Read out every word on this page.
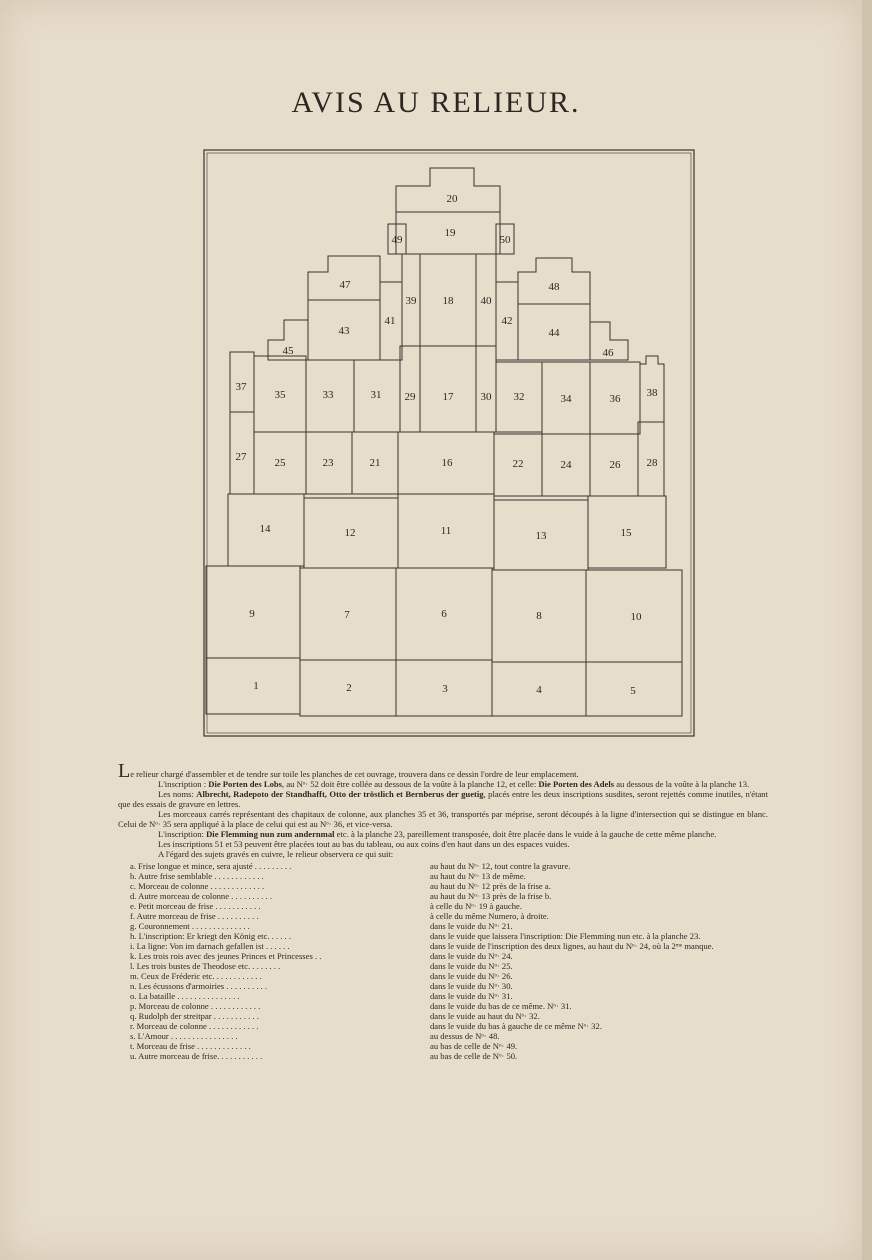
AVIS AU RELIEUR.
20
19
49	50
47
43
45
41
39 18 40
42
48
44
46
37
35	33	31 29 17 30 32	34	36 38
27	25	23	21	16	22	24	26 28
14	12	11	13	15
9	7	6	8	10
1	2	3	4	5

Le relieur chargé d'assembler et de tendre sur toile les planches de cet ouvrage, trouvera dans ce dessin l'ordre de leur emplacement.

L'inscription : Die Porten des Lobs, au Nᵒ· 52 doit être collée au dessous de la voûte à la planche 12, et celle: Die Porten des Adels au dessous de la voûte à la planche 13.

Les noms: Albrecht, Radepoto der Standhafft, Otto der tröstlich et Bernberus der guetig, placés entre les deux inscriptions susdites, seront rejettés comme inutiles, n'étant que des essais de gravure en lettres.

Les morceaux carrés représentant des chapitaux de colonne, aux planches 35 et 36, transportés par méprise, seront découpés à la ligne d'intersection qui se distingue en blanc. Celui de Nᵒ· 35 sera appliqué à la place de celui qui est au Nᵒ· 36, et vice-versa.

L'inscription: Die Flemming nun zum andernmal etc. à la planche 23, pareillement transposée, doit être placée dans le vuide à la gauche de cette même planche.

Les inscriptions 51 et 53 peuvent être placées tout au bas du tableau, ou aux coins d'en haut dans un des espaces vuides.

A l'égard des sujets gravés en cuivre, le relieur observera ce qui suit:

a. Frise longue et mince, sera ajusté . . . . . . . . .	au haut du Nᵒ· 12, tout contre la gravure.
b. Autre frise semblable . . . . . . . . . . . .	au haut du Nᵒ· 13 de même.
c. Morceau de colonne . . . . . . . . . . . . .	au haut du Nᵒ· 12 près de la frise a.
d. Autre morceau de colonne . . . . . . . . . .	au haut du Nᵒ· 13 près de la frise b.
e. Petit morceau de frise . . . . . . . . . . .	à celle du Nᵒ· 19 à gauche.
f. Autre morceau de frise . . . . . . . . . .	à celle du même Numero, à droite.
g. Couronnement . . . . . . . . . . . . . .	dans le vuide du Nᵒ· 21.
h. L'inscription: Er kriegt den König etc. . . . . .	dans le vuide que laissera l'inscription: Die Flemming nun etc. à la planche 23.
i. La ligne: Von im darnach gefallen ist . . . . . .	dans le vuide de l'inscription des deux lignes, au haut du Nᵒ· 24, où la 2ᵐᵉ manque.
k. Les trois rois avec des jeunes Princes et Princesses . .	dans le vuide du Nᵒ· 24.
l. Les trois bustes de Theodose etc. . . . . . . .	dans le vuide du Nᵒ· 25.
m. Ceux de Fréderic etc. . . . . . . . . . . .	dans le vuide du Nᵒ· 26.
n. Les écussons d'armoiries . . . . . . . . . .	dans le vuide du Nᵒ· 30.
o. La bataille . . . . . . . . . . . . . . .	dans le vuide du Nᵒ· 31.
p. Morceau de colonne . . . . . . . . . . . .	dans le vuide du bas de ce même. Nᵒ· 31.
q. Rudolph der streitpar . . . . . . . . . . .	dans le vuide au haut du Nᵒ· 32.
r. Morceau de colonne . . . . . . . . . . . .	dans le vuide du bas à gauche de ce même Nᵒ· 32.
s. L'Amour . . . . . . . . . . . . . . . .	au dessus de Nᵒ· 48.
t. Morceau de frise . . . . . . . . . . . . .	au bas de celle de Nᵒ· 49.
u. Autre morceau de frise. . . . . . . . . . .	au bas de celle de Nᵒ· 50.
